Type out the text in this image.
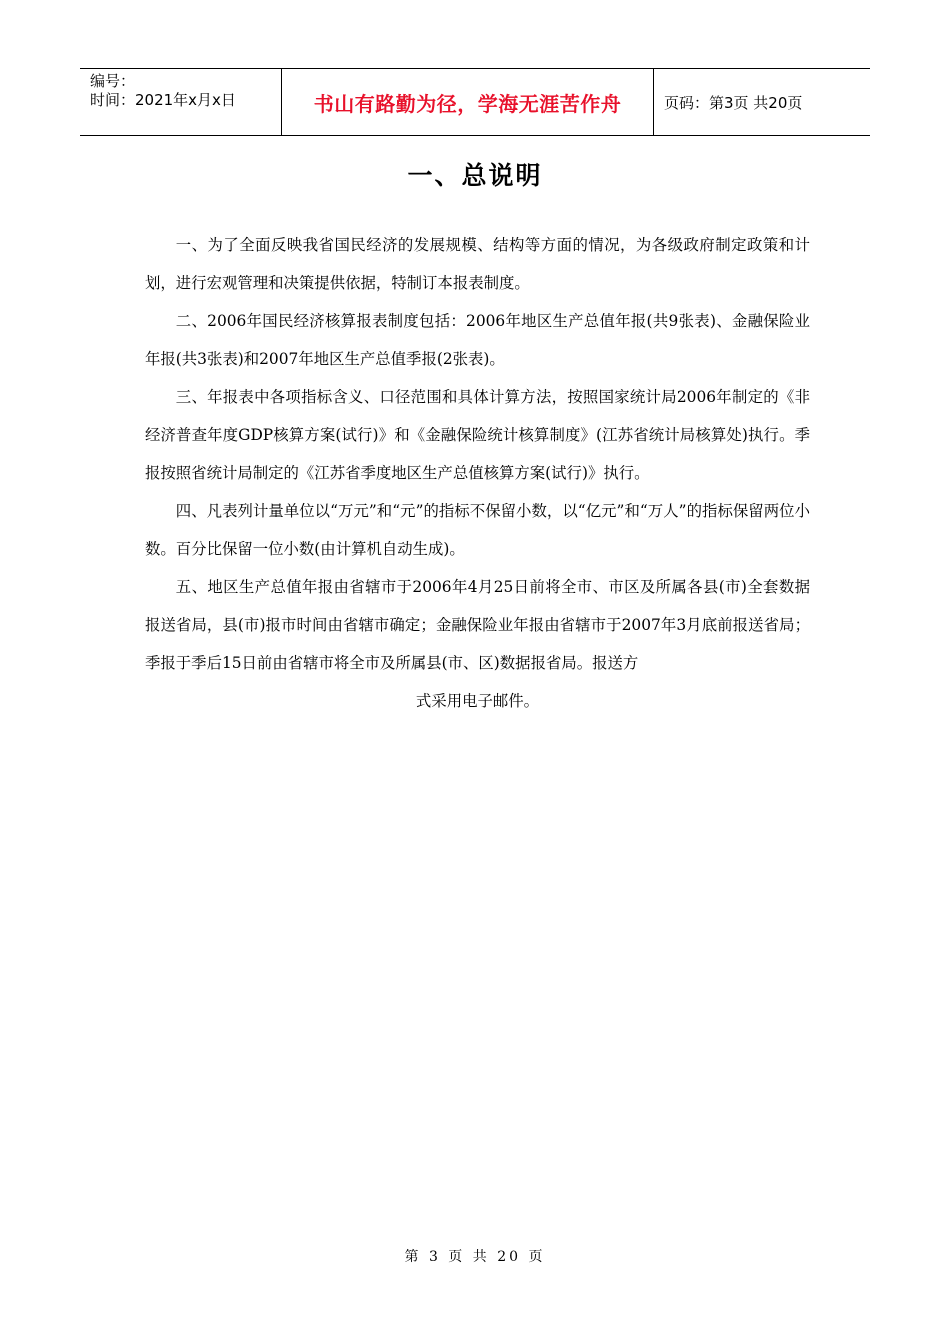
编号：
时间：2021年x月x日	书山有路勤为径，学海无涯苦作舟	页码：第3页 共20页
一、总说明

一、为了全面反映我省国民经济的发展规模、结构等方面的情况，为各级政府制定政策和计划，进行宏观管理和决策提供依据，特制订本报表制度。

二、2006年国民经济核算报表制度包括：2006年地区生产总值年报(共9张表)、金融保险业年报(共3张表)和2007年地区生产总值季报(2张表)。

三、年报表中各项指标含义、口径范围和具体计算方法，按照国家统计局2006年制定的《非经济普查年度GDP核算方案(试行)》和《金融保险统计核算制度》(江苏省统计局核算处)执行。季报按照省统计局制定的《江苏省季度地区生产总值核算方案(试行)》执行。

四、凡表列计量单位以“万元”和“元”的指标不保留小数，以“亿元”和“万人”的指标保留两位小数。百分比保留一位小数(由计算机自动生成)。

五、地区生产总值年报由省辖市于2006年4月25日前将全市、市区及所属各县(市)全套数据报送省局，县(市)报市时间由省辖市确定；金融保险业年报由省辖市于2007年3月底前报送省局；季报于季后15日前由省辖市将全市及所属县(市、区)数据报省局。报送方

式采用电子邮件。

第 3 页 共 20 页
